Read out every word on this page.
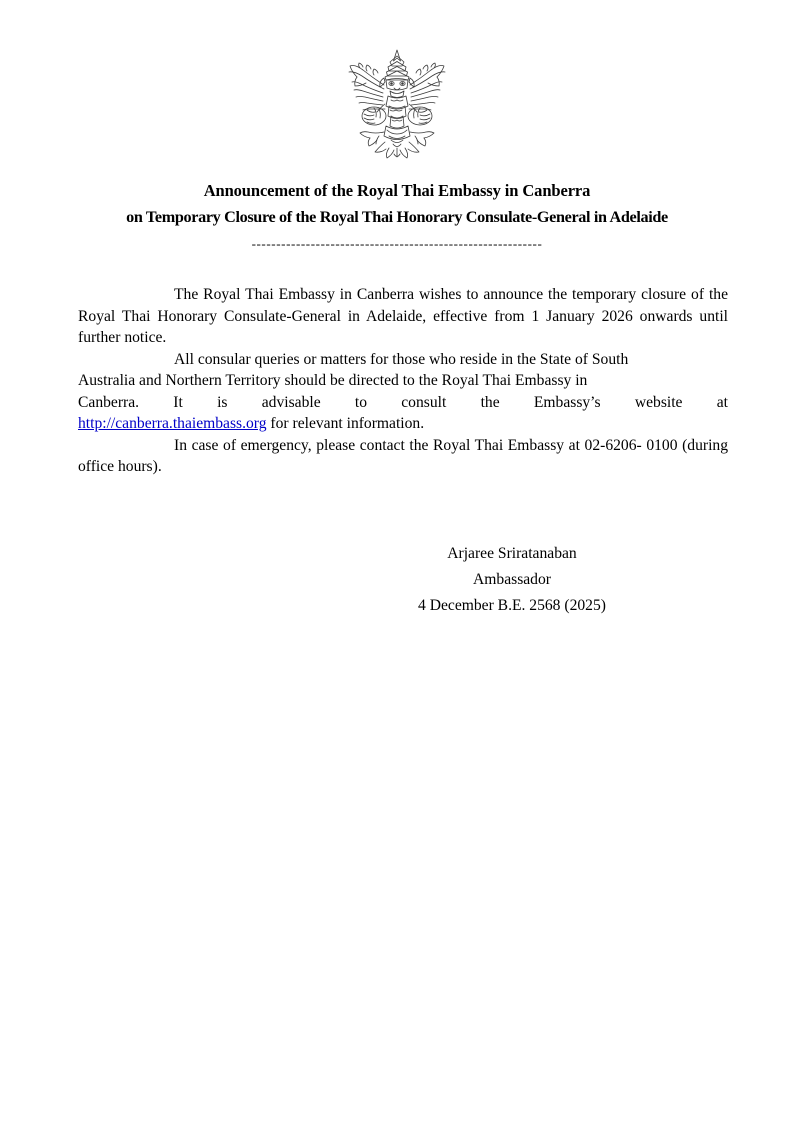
Announcement of the Royal Thai Embassy in Canberra
on Temporary Closure of the Royal Thai Honorary Consulate-General in Adelaide
-----------------------------------------------------------

The Royal Thai Embassy in Canberra wishes to announce the temporary closure of the Royal Thai Honorary Consulate-General in Adelaide, effective from 1 January 2026 onwards until further notice.

All consular queries or matters for those who reside in the State of South
Australia and Northern Territory should be directed to the Royal Thai Embassy in
Canberra. It is advisable to consult the Embassy’s website at
http://canberra.thaiembass.org for relevant information.

In case of emergency, please contact the Royal Thai Embassy at 02-6206- 0100 (during office hours).

Arjaree Sriratanaban
Ambassador
4 December B.E. 2568 (2025)
